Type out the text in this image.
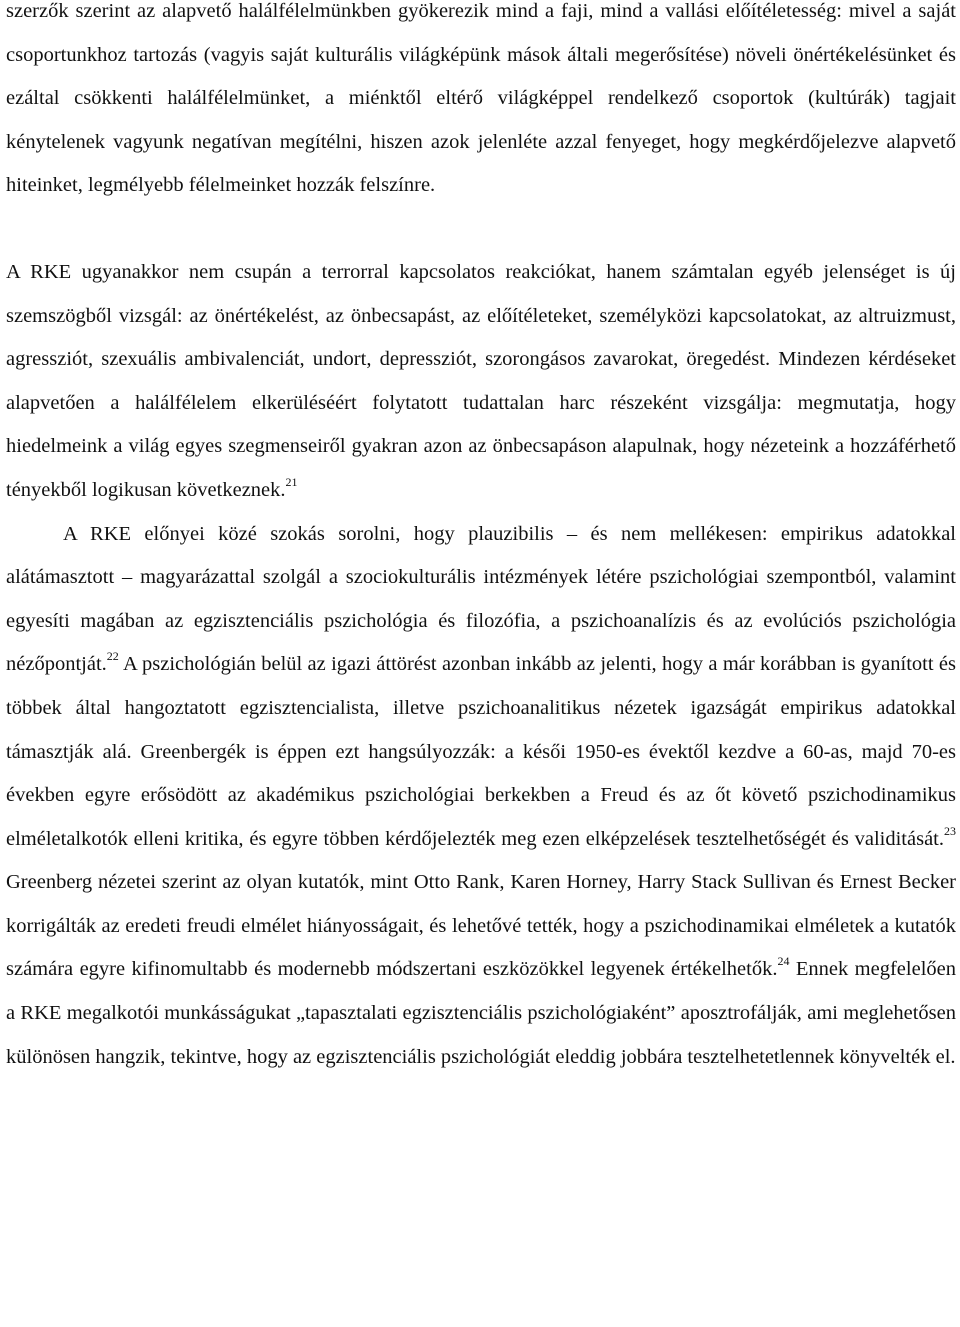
szerzők szerint az alapvető halálfélelmünkben gyökerezik mind a faji, mind a vallási előítéletesség: mivel a saját csoportunkhoz tartozás (vagyis saját kulturális világképünk mások általi megerősítése) növeli önértékelésünket és ezáltal csökkenti halálfélelmünket, a miénktől eltérő világképpel rendelkező csoportok (kultúrák) tagjait kénytelenek vagyunk negatívan megítélni, hiszen azok jelenléte azzal fenyeget, hogy megkérdőjelezve alapvető hiteinket, legmélyebb félelmeinket hozzák felszínre.

A RKE ugyanakkor nem csupán a terrorral kapcsolatos reakciókat, hanem számtalan egyéb jelenséget is új szemszögből vizsgál: az önértékelést, az önbecsapást, az előítéleteket, személyközi kapcsolatokat, az altruizmust, agressziót, szexuális ambivalenciát, undort, depressziót, szorongásos zavarokat, öregedést. Mindezen kérdéseket alapvetően a halálfélelem elkerüléséért folytatott tudattalan harc részeként vizsgálja: megmutatja, hogy hiedelmeink a világ egyes szegmenseiről gyakran azon az önbecsapáson alapulnak, hogy nézeteink a hozzáférhető tényekből logikusan következnek.$^{21}$

A RKE előnyei közé szokás sorolni, hogy plauzibilis – és nem mellékesen: empirikus adatokkal alátámasztott – magyarázattal szolgál a szociokulturális intézmények létére pszichológiai szempontból, valamint egyesíti magában az egzisztenciális pszichológia és filozófia, a pszichoanalízis és az evolúciós pszichológia nézőpontját.$^{22}$ A pszichológián belül az igazi áttörést azonban inkább az jelenti, hogy a már korábban is gyanított és többek által hangoztatott egzisztencialista, illetve pszichoanalitikus nézetek igazságát empirikus adatokkal támasztják alá. Greenbergék is éppen ezt hangsúlyozzák: a késői 1950-es évektől kezdve a 60-as, majd 70-es években egyre erősödött az akadémikus pszichológiai berkekben a Freud és az őt követő pszichodinamikus elméletalkotók elleni kritika, és egyre többen kérdőjelezték meg ezen elképzelések tesztelhetőségét és validitását.$^{23}$ Greenberg nézetei szerint az olyan kutatók, mint Otto Rank, Karen Horney, Harry Stack Sullivan és Ernest Becker korrigálták az eredeti freudi elmélet hiányosságait, és lehetővé tették, hogy a pszichodinamikai elméletek a kutatók számára egyre kifinomultabb és modernebb módszertani eszközökkel legyenek értékelhetők.$^{24}$ Ennek megfelelően a RKE megalkotói munkásságukat „tapasztalati egzisztenciális pszichológiaként” aposztrofálják, ami meglehetősen különösen hangzik, tekintve, hogy az egzisztenciális pszichológiát eleddig jobbára tesztelhetetlennek könyvelték el.
